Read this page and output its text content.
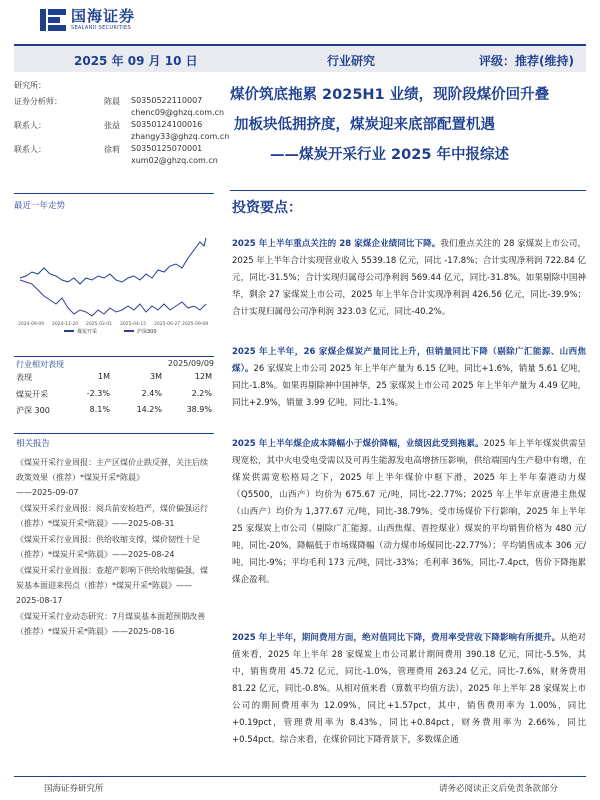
国海证券
SEALAND SECURITIES
2025 年 09 月 10 日	行业研究	评级：推荐(维持)
研究所：
证券分析师：	陈晨 S0350522110007
chenc09@ghzq.com.cn
联系人：	张益 S0350124100016
zhangy33@ghzq.com.cn
联系人：	徐莉 S0350125070001
xum02@ghzq.com.cn
最近一年走势
2024-09-09 2024-11-20 2025-02-01 2025-04-15 2025-06-27 2025-09-08
煤炭开采	沪深300
行业相对表现	2025/09/09
表现	1M	3M	12M
煤炭开采	-2.3%	2.4%	2.2%
沪深 300	8.1%	14.2%	38.9%
相关报告
《煤炭开采行业周报：主产区煤价止跌反弹，关注后续政策效果（推荐）*煤炭开采*陈晨》
——2025-09-07
《煤炭开采行业周报：阅兵前安检趋严，煤价偏强运行（推荐）*煤炭开采*陈晨》——2025-08-31
《煤炭开采行业周报：供给收缩支撑，煤价韧性十足（推荐）*煤炭开采*陈晨》——2025-08-24
《煤炭开采行业周报：查超产影响下供给收缩偏强，煤炭基本面迎来拐点（推荐）*煤炭开采*陈晨》——2025-08-17
《煤炭开采行业动态研究：7月煤炭基本面超预期改善（推荐）*煤炭开采*陈晨》——2025-08-16
煤价筑底拖累 2025H1 业绩，现阶段煤价回升叠
加板块低拥挤度，煤炭迎来底部配置机遇
——煤炭开采行业 2025 年中报综述
投资要点：
2025 年上半年重点关注的 28 家煤企业绩同比下降。我们重点关注的 28 家煤炭上市公司，2025 年上半年合计实现营业收入 5539.18 亿元，同比 -17.8%；合计实现净利润 722.84 亿元，同比-31.5%；合计实现归属母公司净利润 569.44 亿元，同比-31.8%。如果剔除中国神华，剩余 27 家煤炭上市公司，2025 年上半年合计实现净利润 426.56 亿元，同比-39.9%；合计实现归属母公司净利润 323.03 亿元，同比-40.2%。
2025 年上半年，26 家煤企煤炭产量同比上升，但销量同比下降（剔除广汇能源、山西焦煤）。26 家煤炭上市公司 2025 年上半年产量为 6.15 亿吨，同比+1.6%，销量 5.61 亿吨，同比-1.8%。如果再剔除神中国神华，25 家煤炭上市公司 2025 年上半年产量为 4.49 亿吨，同比+2.9%，销量 3.99 亿吨，同比-1.1%。
2025 年上半年煤企成本降幅小于煤价降幅，业绩因此受到拖累。2025 年上半年煤炭供需呈现宽松，其中火电受电受需以及可再生能源发电高增挤压影响，供给端国内生产稳中有增，在煤炭供需宽松格局之下，2025 年上半年煤价中枢下滑，2025 年上半年秦港动力煤（Q5500，山西产）均价为 675.67 元/吨，同比-22.77%；2025 年上半年京唐港主焦煤（山西产）均价为 1,377.67 元/吨，同比-38.79%。受市场煤价下行影响，2025 年上半年 25 家煤炭上市公司（剔除广汇能源、山西焦煤、晋控煤业）煤炭的平均销售价格为 480 元/吨，同比-20%，降幅低于市场煤降幅（动力煤市场煤同比-22.77%）；平均销售成本 306 元/吨，同比-9%；平均毛利 173 元/吨，同比-33%；毛利率 36%，同比-7.4pct，售价下降拖累煤企盈利。
2025 年上半年，期间费用方面，绝对值同比下降，费用率受营收下降影响有所提升。从绝对值来看，2025 年上半年 28 家煤炭上市公司累计期间费用 390.18 亿元，同比-5.5%，其中，销售费用 45.72 亿元，同比-1.0%，管理费用 263.24 亿元，同比-7.6%，财务费用 81.22 亿元，同比-0.8%。从相对值来看（算数平均值方法），2025 年上半年 28 家煤炭上市公司的期间费用率为 12.09%，同比+1.57pct，其中，销售费用率为 1.00%，同比+0.19pct，管理费用率为 8.43%，同比+0.84pct，财务费用率为 2.66%，同比+0.54pct。综合来看，在煤价同比下降背景下，多数煤企通
国海证券研究所	请务必阅读正文后免责条款部分
